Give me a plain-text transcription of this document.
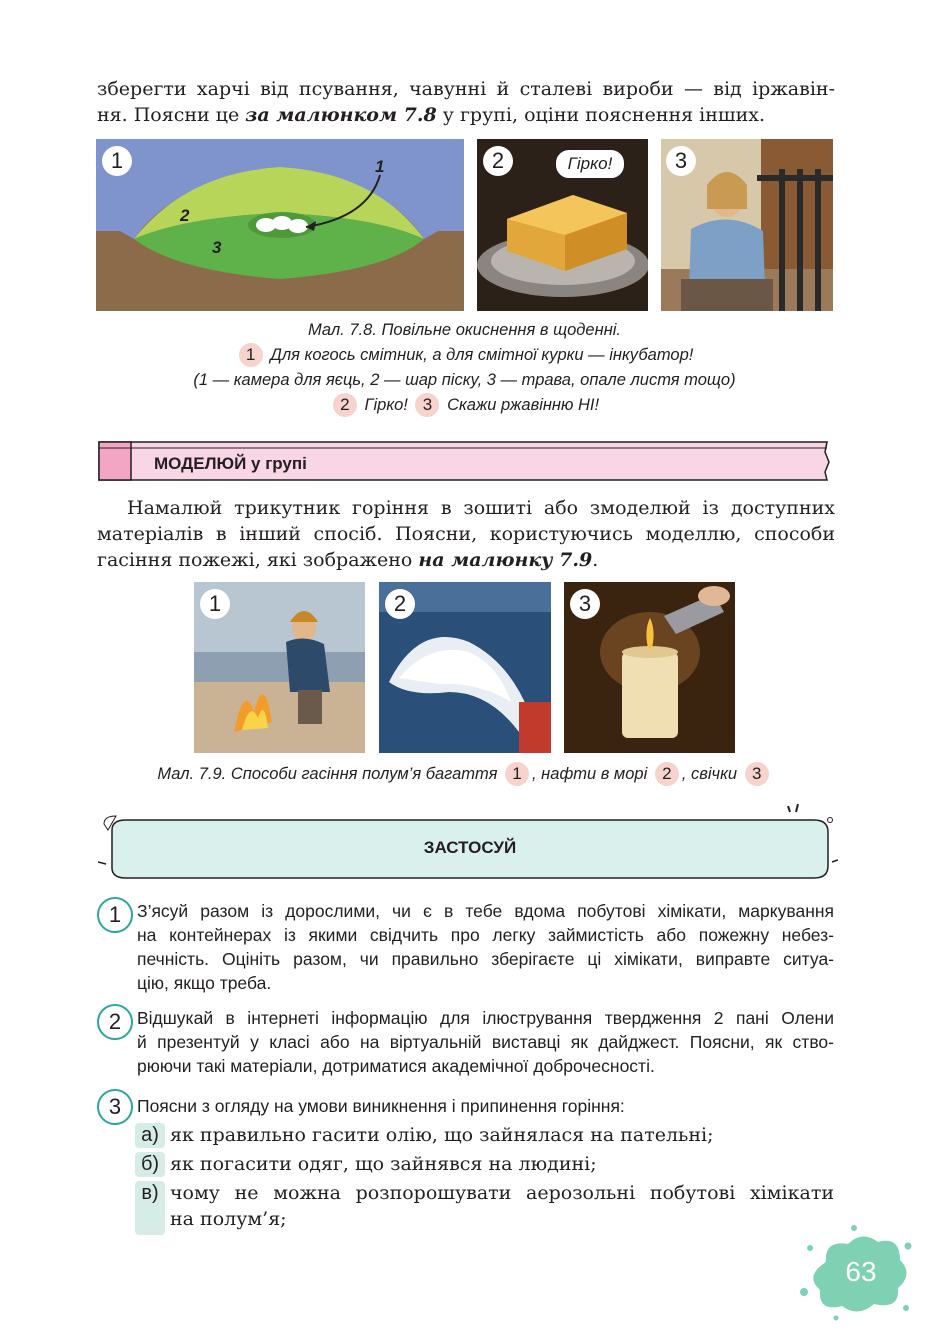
зберегти харчі від псування, чавунні й сталеві вироби — від іржавін-
ня. Поясни це за малюнком 7.8 у групі, оціни пояснення інших.
1
2
3
1	2	Гірко!	3
Мал. 7.8. Повільне окиснення в щоденні.
1 Для когось смітник, а для смітної курки — інкубатор!
(1 — камера для яєць, 2 — шар піску, 3 — трава, опале листя тощо)
2 Гірко! 3 Скажи ржавінню НІ!
МОДЕЛЮЙ у групі
Намалюй трикутник горіння в зошиті або змоделюй із доступних
матеріалів в інший спосіб. Поясни, користуючись моделлю, способи
гасіння пожежі, які зображено на малюнку 7.9.
1	2	3
Мал. 7.9. Способи гасіння полум’я багаття 1 , нафти в морі 2 , свічки 3
ЗАСТОСУЙ
1 З’ясуй разом із дорослими, чи є в тебе вдома побутові хімікати, маркування
на контейнерах із якими свідчить про легку займистість або пожежну небез-
печність. Оцініть разом, чи правильно зберігаєте ці хімікати, виправте ситуа-
цію, якщо треба.
2 Відшукай в інтернеті інформацію для ілюстрування твердження 2 пані Олени
й презентуй у класі або на віртуальній виставці як дайджест. Поясни, як ство-
рюючи такі матеріали, дотриматися академічної доброчесності.
3 Поясни з огляду на умови виникнення і припинення горіння:
а) як правильно гасити олію, що зайнялася на пательні;
б) як погасити одяг, що зайнявся на людині;
в) чому не можна розпорошувати аерозольні побутові хімікати
на полум’я;
63
